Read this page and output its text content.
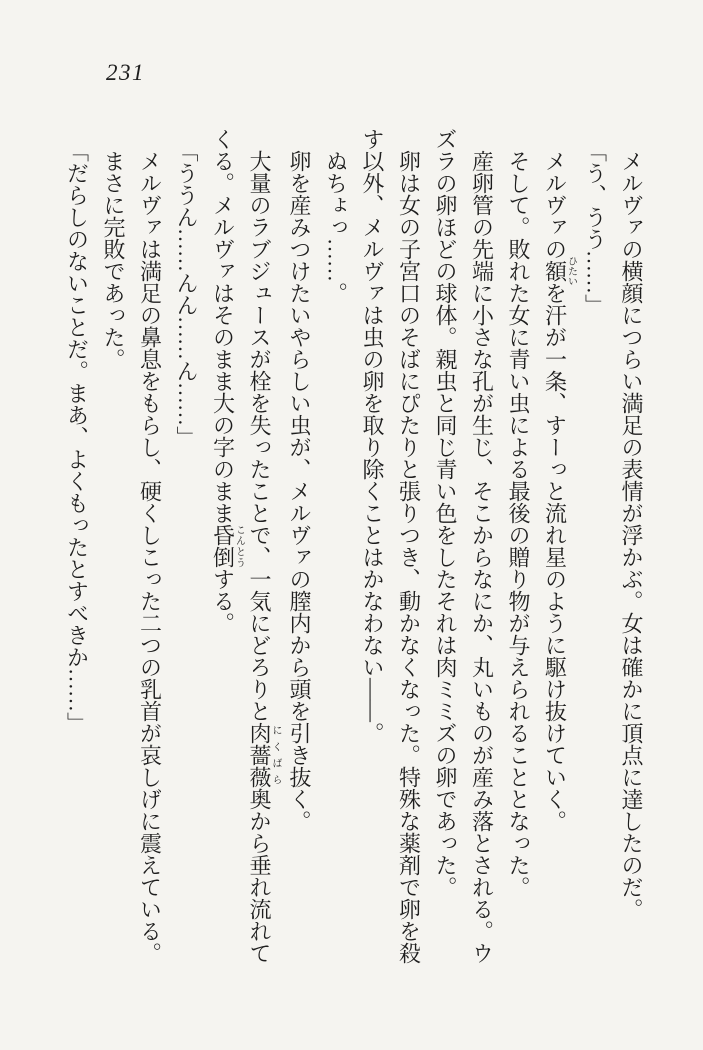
231

メルヴァの横顔につらい満足の表情が浮かぶ。女は確かに頂点に達したのだ。

「う、うう……」

メルヴァの額ひたいを汗が一条、すーっと流れ星のように駆け抜けていく。

そして。敗れた女に青い虫による最後の贈り物が与えられることとなった。

産卵管の先端に小さな孔が生じ、そこからなにか、丸いものが産み落とされる。ウズラの卵ほどの球体。親虫と同じ青い色をしたそれは肉ミミズの卵であった。

卵は女の子宮口のそばにぴたりと張りつき、動かなくなった。特殊な薬剤で卵を殺す以外、メルヴァは虫の卵を取り除くことはかなわない――。

ぬちょっ……。

卵を産みつけたいやらしい虫が、メルヴァの膣内から頭を引き抜く。

大量のラブジュースが栓を失ったことで、一気にどろりと肉薔薇にくばら奥から垂れ流れてくる。メルヴァはそのまま大の字のまま昏倒こんとうする。

「ううん……んん……ん……」

メルヴァは満足の鼻息をもらし、硬くしこった二つの乳首が哀しげに震えている。

まさに完敗であった。

「だらしのないことだ。まあ、よくもったとすべきか……」
